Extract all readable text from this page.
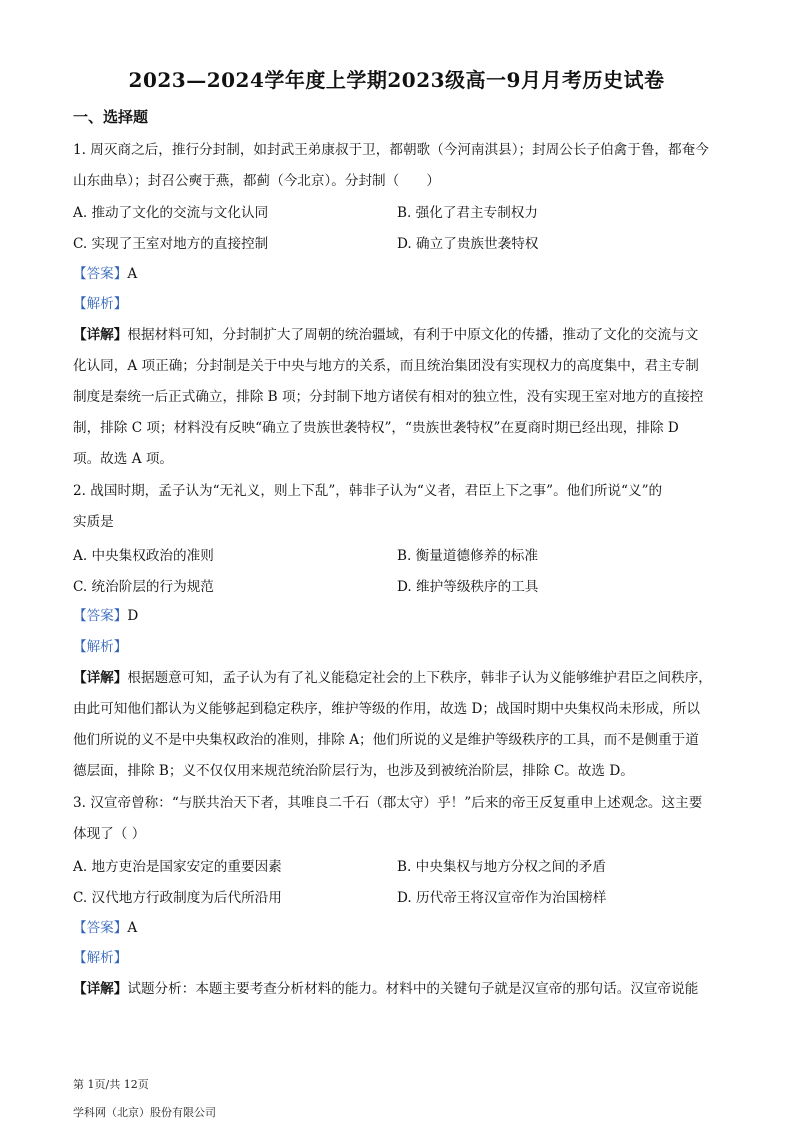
2023—2024学年度上学期2023级高一9月月考历史试卷
一、选择题
1. 周灭商之后，推行分封制，如封武王弟康叔于卫，都朝歌（今河南淇县）；封周公长子伯禽于鲁，都奄今
山东曲阜）；封召公奭于燕，都蓟（今北京）。分封制（　　）
A. 推动了文化的交流与文化认同	B. 强化了君主专制权力
C. 实现了王室对地方的直接控制	D. 确立了贵族世袭特权
【答案】A
【解析】
【详解】根据材料可知，分封制扩大了周朝的统治疆域，有利于中原文化的传播，推动了文化的交流与文
化认同，A 项正确；分封制是关于中央与地方的关系，而且统治集团没有实现权力的高度集中，君主专制
制度是秦统一后正式确立，排除 B 项；分封制下地方诸侯有相对的独立性，没有实现王室对地方的直接控
制，排除 C 项；材料没有反映“确立了贵族世袭特权”，“贵族世袭特权”在夏商时期已经出现，排除 D
项。故选 A 项。
2. 战国时期，孟子认为“无礼义，则上下乱”，韩非子认为“义者，君臣上下之事”。他们所说“义”的
实质是
A. 中央集权政治的准则	B. 衡量道德修养的标准
C. 统治阶层的行为规范	D. 维护等级秩序的工具
【答案】D
【解析】
【详解】根据题意可知，孟子认为有了礼义能稳定社会的上下秩序，韩非子认为义能够维护君臣之间秩序，
由此可知他们都认为义能够起到稳定秩序，维护等级的作用，故选 D；战国时期中央集权尚未形成，所以
他们所说的义不是中央集权政治的准则，排除 A；他们所说的义是维护等级秩序的工具，而不是侧重于道
德层面，排除 B；义不仅仅用来规范统治阶层行为，也涉及到被统治阶层，排除 C。故选 D。
3. 汉宣帝曾称：“与朕共治天下者，其唯良二千石（郡太守）乎！”后来的帝王反复重申上述观念。这主要
体现了（ ）
A. 地方吏治是国家安定的重要因素	B. 中央集权与地方分权之间的矛盾
C. 汉代地方行政制度为后代所沿用	D. 历代帝王将汉宣帝作为治国榜样
【答案】A
【解析】
【详解】试题分析：本题主要考查分析材料的能力。材料中的关键句子就是汉宣帝的那句话。汉宣帝说能
第 1页/共 12页
学科网（北京）股份有限公司
